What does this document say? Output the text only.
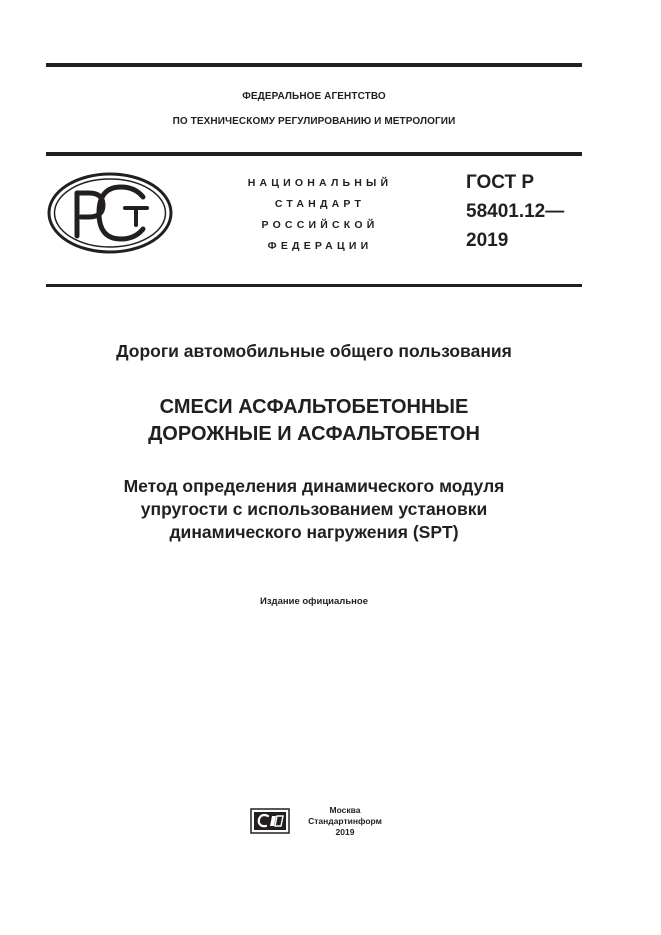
ФЕДЕРАЛЬНОЕ АГЕНТСТВО
ПО ТЕХНИЧЕСКОМУ РЕГУЛИРОВАНИЮ И МЕТРОЛОГИИ
НАЦИОНАЛЬНЫЙ
СТАНДАРТ
РОССИЙСКОЙ
ФЕДЕРАЦИИ
ГОСТ Р
58401.12—
2019
Дороги автомобильные общего пользования
СМЕСИ АСФАЛЬТОБЕТОННЫЕ
ДОРОЖНЫЕ И АСФАЛЬТОБЕТОН
Метод определения динамического модуля
упругости с использованием установки
динамического нагружения (SPT)
Издание официальное
Москва
Стандартинформ
2019
